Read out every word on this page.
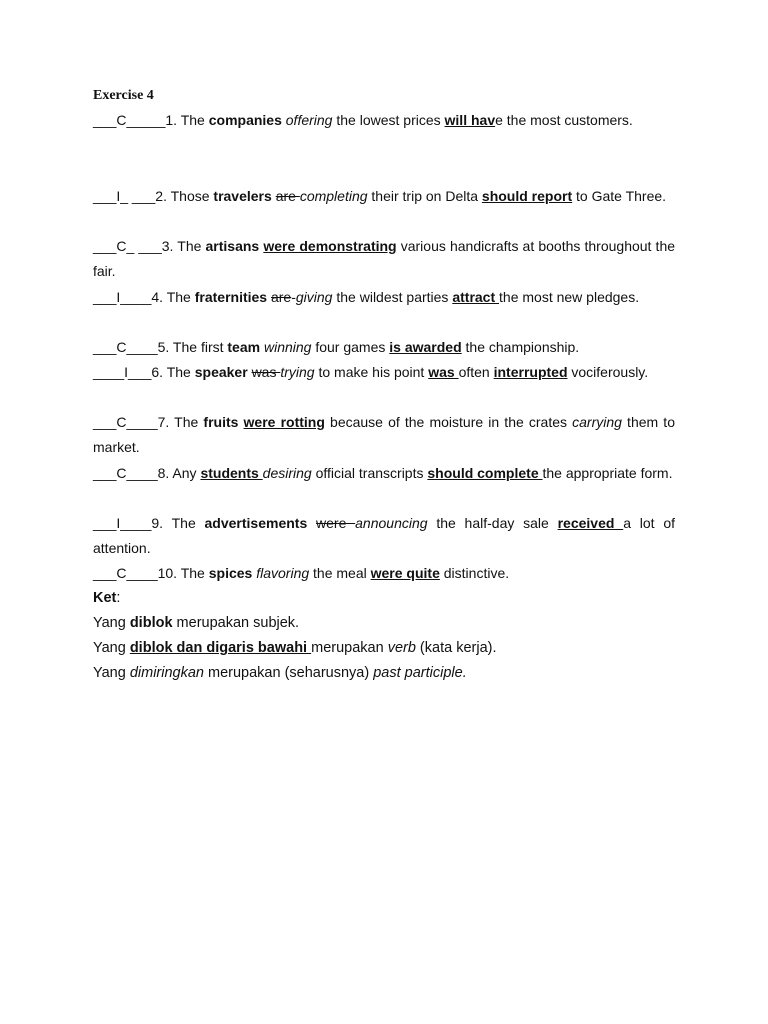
Exercise 4
___C_____1. The companies offering the lowest prices will have the most customers.
___I_ ___2. Those travelers are completing their trip on Delta should report to Gate Three.
___C_ ___3. The artisans were demonstrating various handicrafts at booths throughout the fair.
___I____4. The fraternities are-giving the wildest parties attract the most new pledges.
___C____5. The first team winning four games is awarded the championship.
____I___6. The speaker was trying to make his point was often interrupted vociferously.
___C____7. The fruits were rotting because of the moisture in the crates carrying them to market.
___C____8. Any students desiring official transcripts should complete the appropriate form.
___I____9. The advertisements were announcing the half-day sale received a lot of attention.
___C____10. The spices flavoring the meal were quite distinctive.
Ket:
Yang diblok merupakan subjek.
Yang diblok dan digaris bawahi merupakan verb (kata kerja).
Yang dimiringkan merupakan (seharusnya) past participle.
